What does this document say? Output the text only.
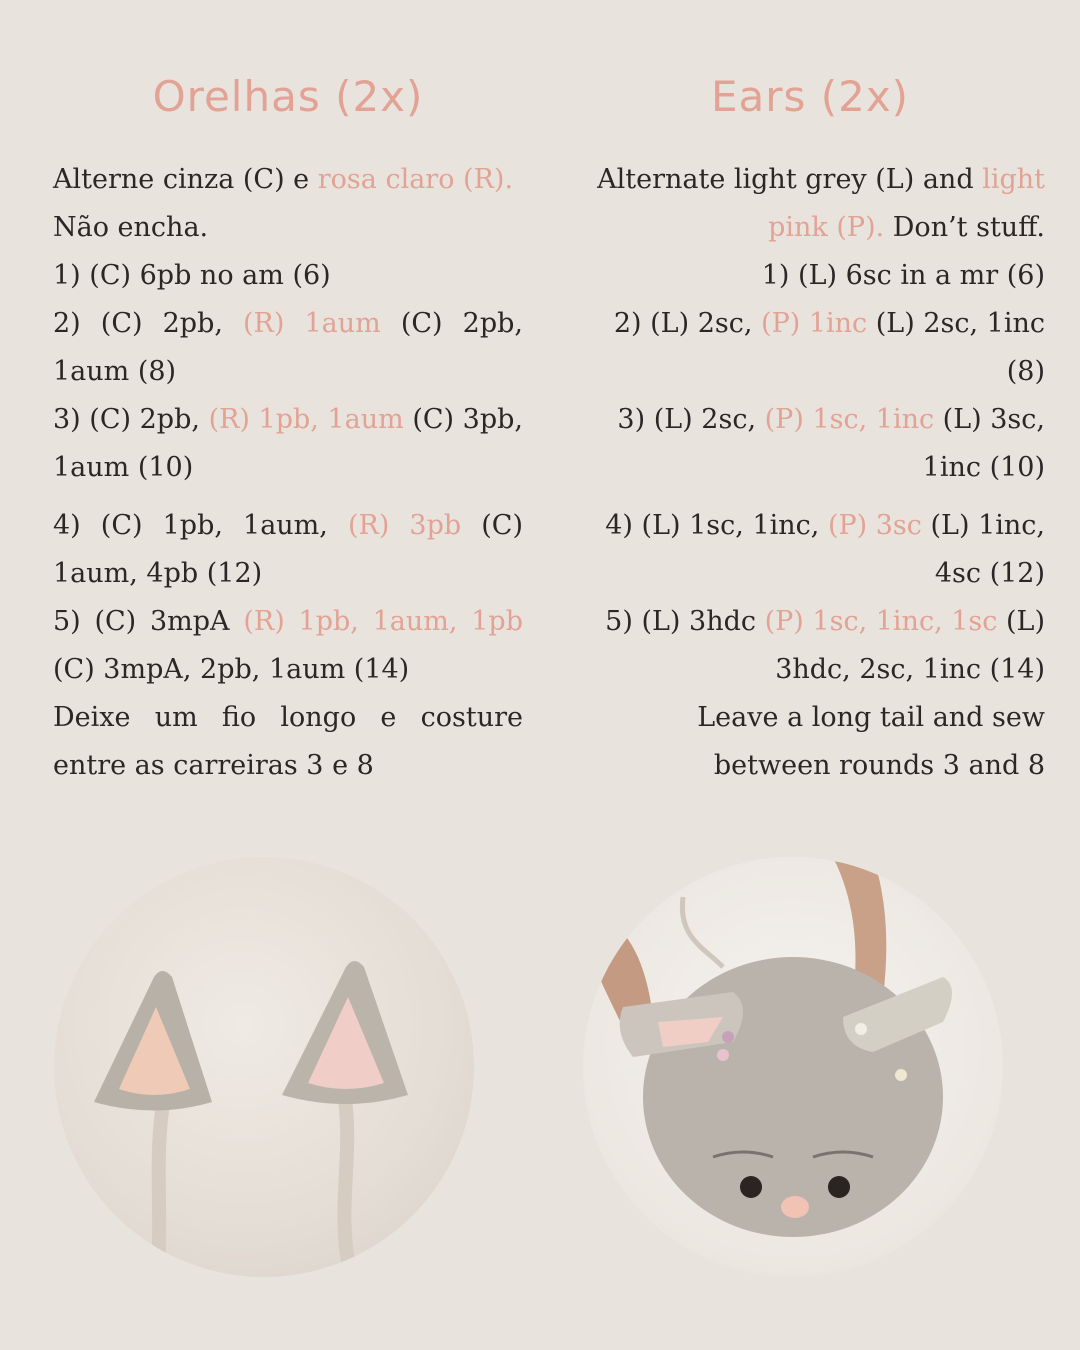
Orelhas (2x)

Alterne cinza (C) e rosa claro (R).

Não encha.

1) (C) 6pb no am (6)

2) (C) 2pb, (R) 1aum (C) 2pb, 1aum (8)

3) (C) 2pb, (R) 1pb, 1aum (C) 3pb, 1aum (10)

4) (C) 1pb, 1aum, (R) 3pb (C) 1aum, 4pb (12)

5) (C) 3mpA (R) 1pb, 1aum, 1pb (C) 3mpA, 2pb, 1aum (14)

Deixe um fio longo e costure entre as carreiras 3 e 8

Ears (2x)

Alternate light grey (L) and light pink (P). Don’t stuff.

1) (L) 6sc in a mr (6)

2) (L) 2sc, (P) 1inc (L) 2sc, 1inc (8)

3) (L) 2sc, (P) 1sc, 1inc (L) 3sc, 1inc (10)

4) (L) 1sc, 1inc, (P) 3sc (L) 1inc, 4sc (12)

5) (L) 3hdc (P) 1sc, 1inc, 1sc (L) 3hdc, 2sc, 1inc (14)

Leave a long tail and sew between rounds 3 and 8
